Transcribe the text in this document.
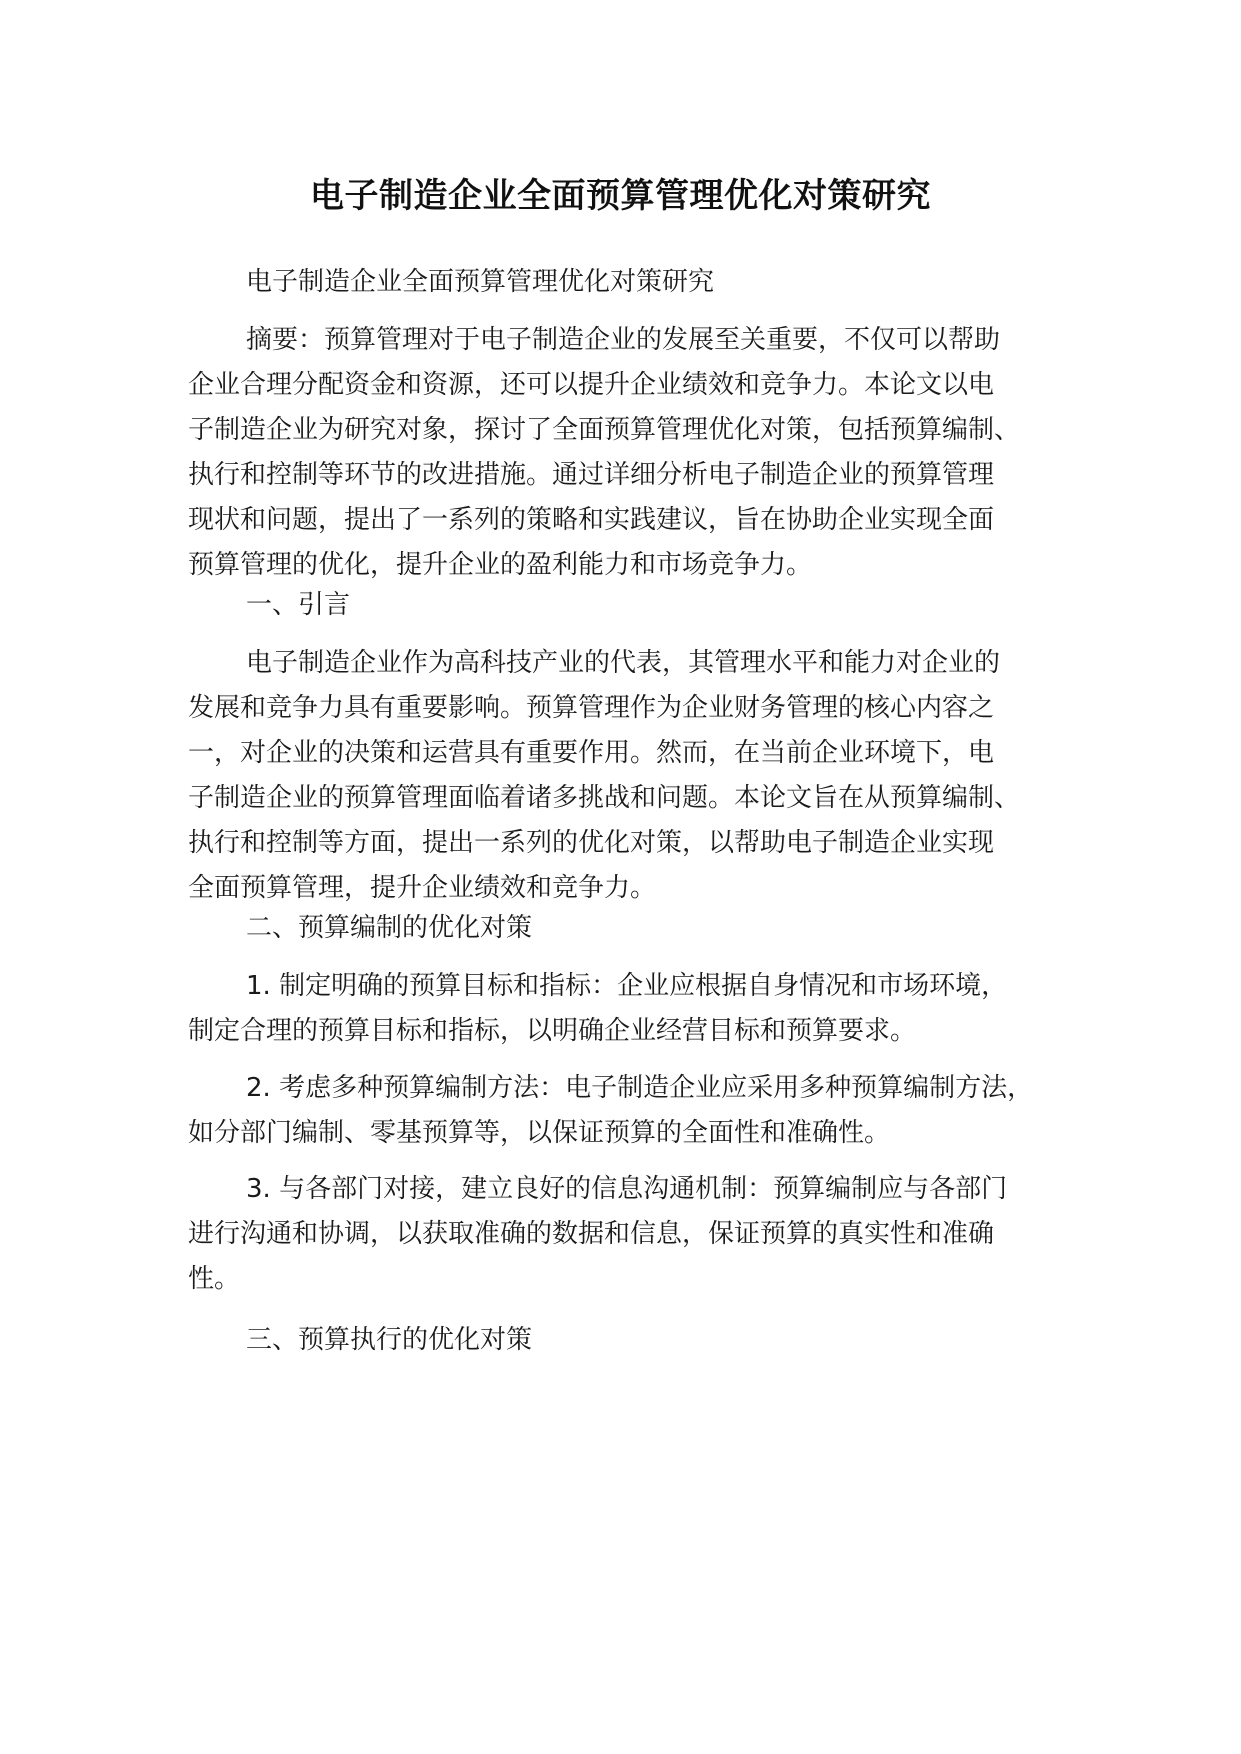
电子制造企业全面预算管理优化对策研究
电子制造企业全面预算管理优化对策研究
摘要：预算管理对于电子制造企业的发展至关重要，不仅可以帮助
企业合理分配资金和资源，还可以提升企业绩效和竞争力。本论文以电
子制造企业为研究对象，探讨了全面预算管理优化对策，包括预算编制、
执行和控制等环节的改进措施。通过详细分析电子制造企业的预算管理
现状和问题，提出了一系列的策略和实践建议，旨在协助企业实现全面
预算管理的优化，提升企业的盈利能力和市场竞争力。
一、引言
电子制造企业作为高科技产业的代表，其管理水平和能力对企业的
发展和竞争力具有重要影响。预算管理作为企业财务管理的核心内容之
一，对企业的决策和运营具有重要作用。然而，在当前企业环境下，电
子制造企业的预算管理面临着诸多挑战和问题。本论文旨在从预算编制、
执行和控制等方面，提出一系列的优化对策，以帮助电子制造企业实现
全面预算管理，提升企业绩效和竞争力。
二、预算编制的优化对策
1. 制定明确的预算目标和指标：企业应根据自身情况和市场环境，
制定合理的预算目标和指标，以明确企业经营目标和预算要求。
2. 考虑多种预算编制方法：电子制造企业应采用多种预算编制方法，
如分部门编制、零基预算等，以保证预算的全面性和准确性。
3. 与各部门对接，建立良好的信息沟通机制：预算编制应与各部门
进行沟通和协调，以获取准确的数据和信息，保证预算的真实性和准确
性。
三、预算执行的优化对策
